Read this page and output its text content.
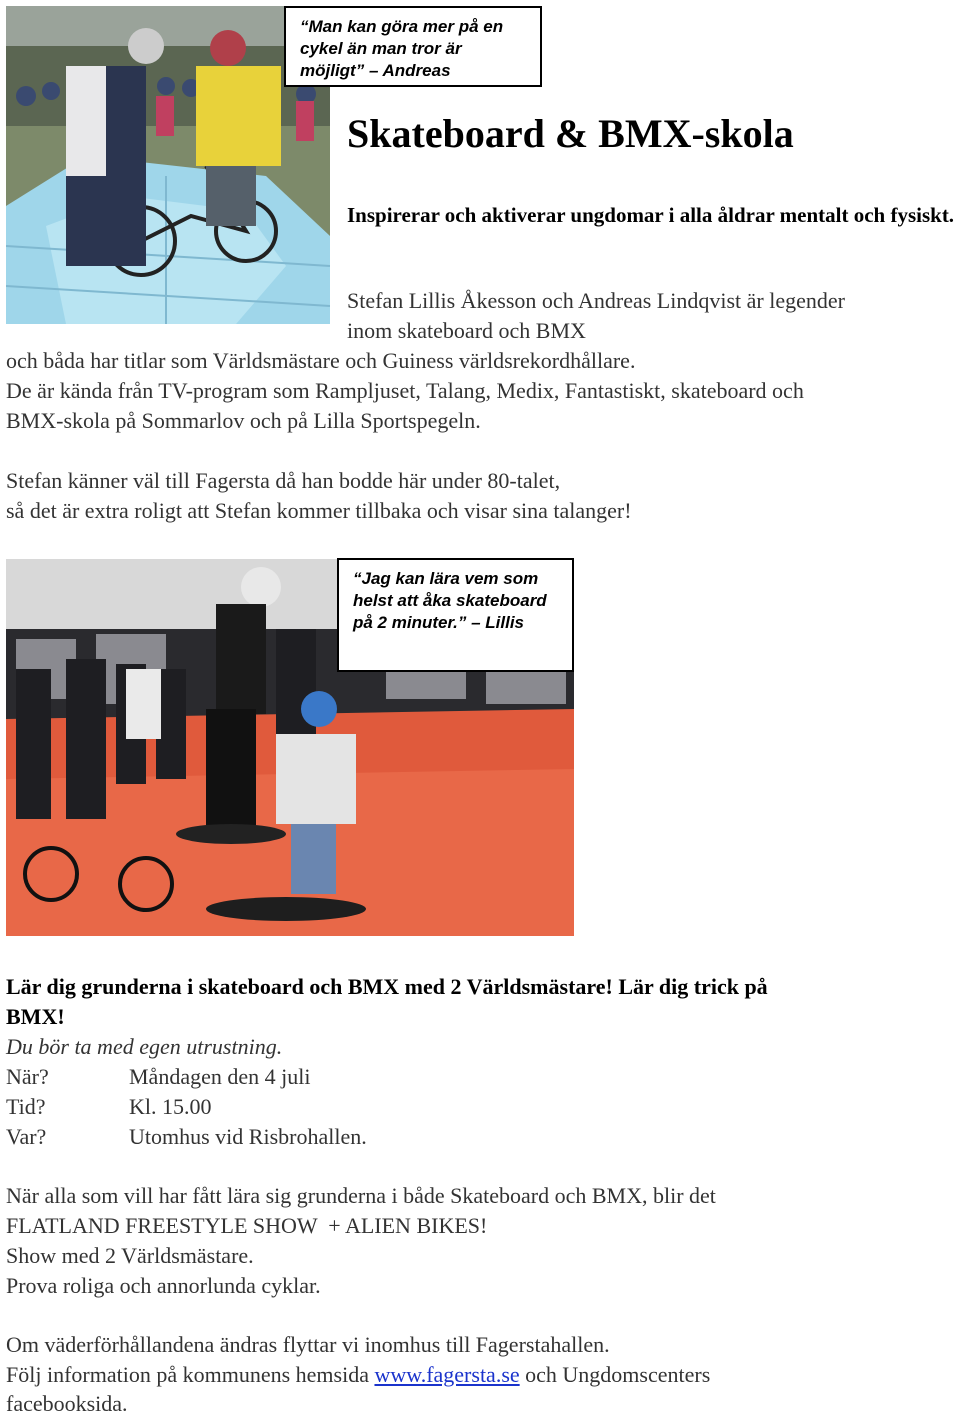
“Man kan göra mer på en cykel än man tror är möjligt” – Andreas
Skateboard & BMX-skola
Inspirerar och aktiverar ungdomar i alla åldrar mentalt och fysiskt.
Stefan Lillis Åkesson och Andreas Lindqvist är legender
inom skateboard och BMX
och båda har titlar som Världsmästare och Guiness världsrekordhållare.
De är kända från TV-program som Rampljuset, Talang, Medix, Fantastiskt, skateboard och
BMX-skola på Sommarlov och på Lilla Sportspegeln.
Stefan känner väl till Fagersta då han bodde här under 80-talet,
så det är extra roligt att Stefan kommer tillbaka och visar sina talanger!
“Jag kan lära vem som helst att åka skateboard på 2 minuter.” – Lillis
Lär dig grunderna i skateboard och BMX med 2 Världsmästare! Lär dig trick på
BMX!
Du bör ta med egen utrustning.
När?	Måndagen den 4 juli
Tid?	Kl. 15.00
Var?	Utomhus vid Risbrohallen.
När alla som vill har fått lära sig grunderna i både Skateboard och BMX, blir det
FLATLAND FREESTYLE SHOW  + ALIEN BIKES!
Show med 2 Världsmästare.
Prova roliga och annorlunda cyklar.
Om väderförhållandena ändras flyttar vi inomhus till Fagerstahallen.
Följ information på kommunens hemsida www.fagersta.se och Ungdomscenters
facebooksida.
